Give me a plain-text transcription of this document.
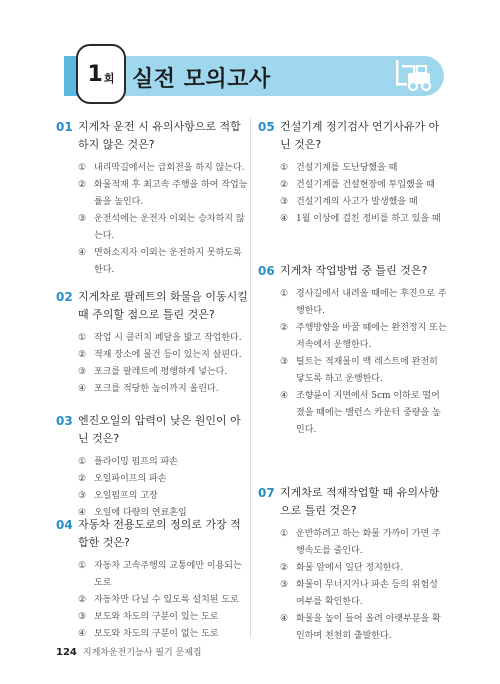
1 회 실전 모의고사
01 지게차 운전 시 유의사항으로 적합하지 않은 것은?
① 내리막길에서는 급회전을 하지 않는다.
② 화물적재 후 최고속 주행을 하여 작업능률을 높인다.
③ 운전석에는 운전자 이외는 승차하지 않는다.
④ 면허소지자 이외는 운전하지 못하도록 한다.
02 지게차로 팔레트의 화물을 이동시킬 때 주의할 점으로 틀린 것은?
① 작업 시 클러치 페달을 밟고 작업한다.
② 적재 장소에 물건 등이 있는지 살핀다.
③ 포크를 팔레트에 평행하게 넣는다.
④ 포크를 적당한 높이까지 올린다.
03 엔진오일의 압력이 낮은 원인이 아닌 것은?
① 플라이밍 펌프의 파손
② 오일파이프의 파손
③ 오일펌프의 고장
④ 오일에 다량의 연료혼입
04 자동차 전용도로의 정의로 가장 적합한 것은?
① 자동차 고속주행의 교통에만 이용되는 도로
② 자동차만 다닐 수 있도록 설치된 도로
③ 보도와 차도의 구분이 있는 도로
④ 보도와 차도의 구분이 없는 도로
05 건설기계 정기검사 연기사유가 아닌 것은?
① 건설기계를 도난당했을 때
② 건설기계를 건설현장에 투입했을 때
③ 건설기계의 사고가 발생했을 때
④ 1월 이상에 걸친 정비를 하고 있을 때
06 지게차 작업방법 중 틀린 것은?
① 경사길에서 내려올 때에는 후진으로 주행한다.
② 주행방향을 바꿀 때에는 완전정지 또는 저속에서 운행한다.
③ 틸트는 적재물이 백 레스트에 완전히 닿도록 하고 운행한다.
④ 조향륜이 지면에서 5cm 이하로 떨어졌을 때에는 밸런스 카운터 중량을 높인다.
07 지게차로 적재작업할 때 유의사항으로 틀린 것은?
① 운반하려고 하는 화물 가까이 가면 주행속도를 줄인다.
② 화물 앞에서 일단 정지한다.
③ 화물이 무너지거나 파손 등의 위험성 여부를 확인한다.
④ 화물을 높이 들어 올려 아랫부분을 확인하며 천천히 출발한다.
124 지게차운전기능사 필기 문제집
